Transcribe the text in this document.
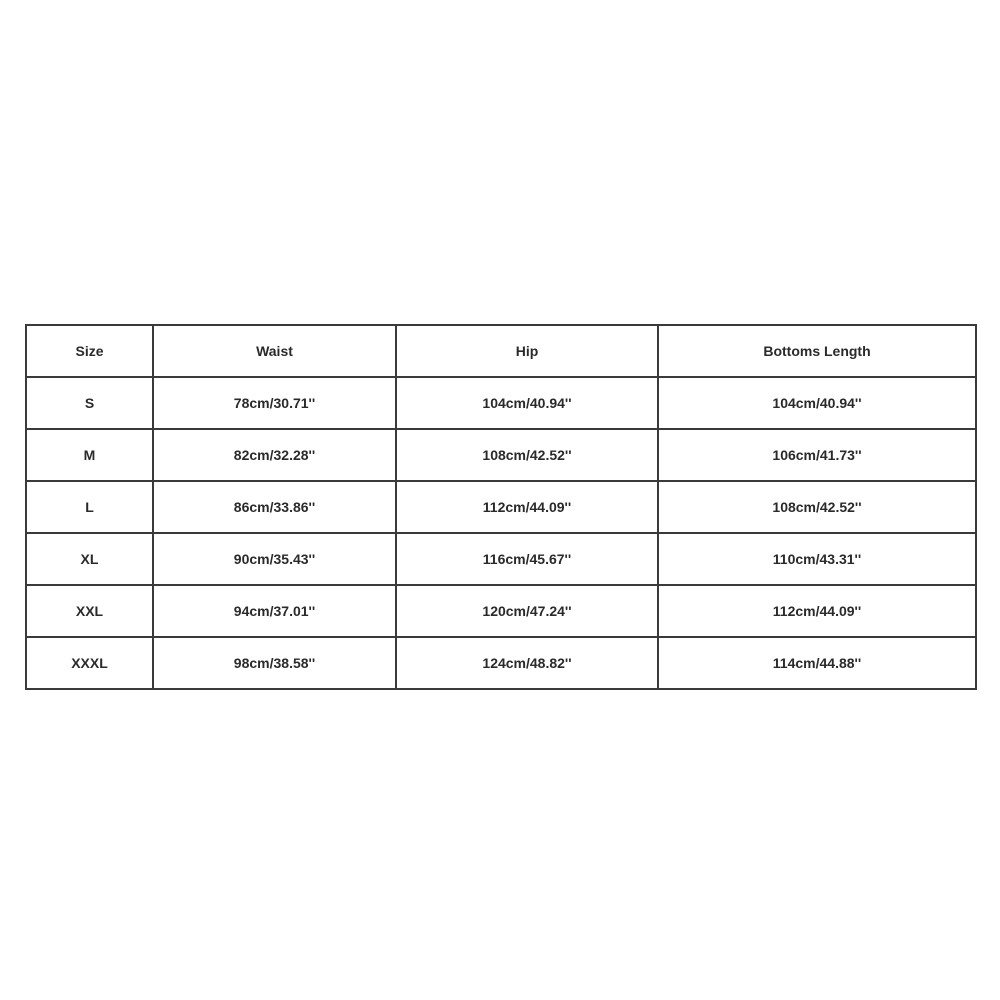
Size	Waist	Hip	Bottoms Length
S	78cm/30.71''	104cm/40.94''	104cm/40.94''
M	82cm/32.28''	108cm/42.52''	106cm/41.73''
L	86cm/33.86''	112cm/44.09''	108cm/42.52''
XL	90cm/35.43''	116cm/45.67''	110cm/43.31''
XXL	94cm/37.01''	120cm/47.24''	112cm/44.09''
XXXL	98cm/38.58''	124cm/48.82''	114cm/44.88''
